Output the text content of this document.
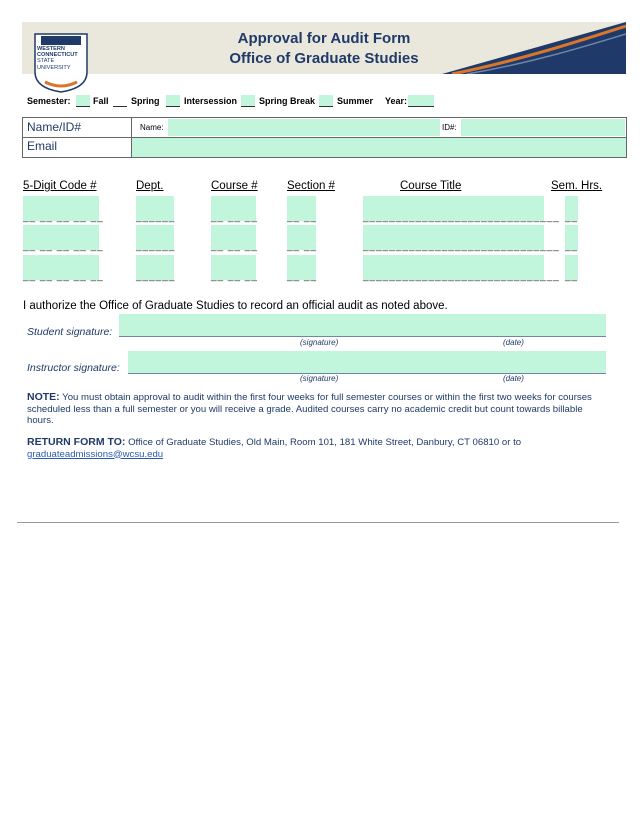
Approval for Audit Form
Office of Graduate Studies
WESTERN
CONNECTICUT
STATE
UNIVERSITY
Semester: Fall Spring	Intersession Spring Break Summer Year:
Name/ID#
Email
Name:	ID#:
5-Digit Code #	Dept.	Course #	Section #	Course Title	Sem. Hrs.
__ __ __ __ __	______	__ __ __	__ __	______________________________ __
__ __ __ __ __	______	__ __ __	__ __	______________________________ __
__ __ __ __ __	______	__ __ __	__ __	______________________________ __
I authorize the Office of Graduate Studies to record an official audit as noted above.
Student signature:
(signature)	(date)
Instructor signature:
(signature)	(date)
NOTE: You must obtain approval to audit within the first four weeks for full semester courses or within the first two weeks for courses scheduled less than a full semester or you will receive a grade. Audited courses carry no academic credit but count towards billable hours.
RETURN FORM TO: Office of Graduate Studies, Old Main, Room 101, 181 White Street, Danbury, CT 06810 or to
graduateadmissions@wcsu.edu
